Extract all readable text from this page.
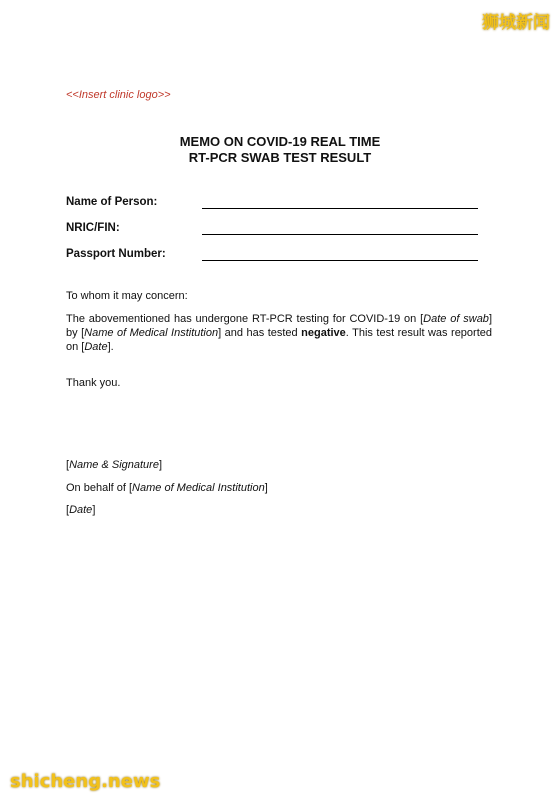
狮城新闻
<<Insert clinic logo>>
MEMO ON COVID-19 REAL TIME
RT-PCR SWAB TEST RESULT
Name of Person:
NRIC/FIN:
Passport Number:
To whom it may concern:
The abovementioned has undergone RT-PCR testing for COVID-19 on [Date of swab] by [Name of Medical Institution] and has tested negative. This test result was reported on [Date].
Thank you.
[Name & Signature]
On behalf of [Name of Medical Institution]
[Date]
shicheng.news
